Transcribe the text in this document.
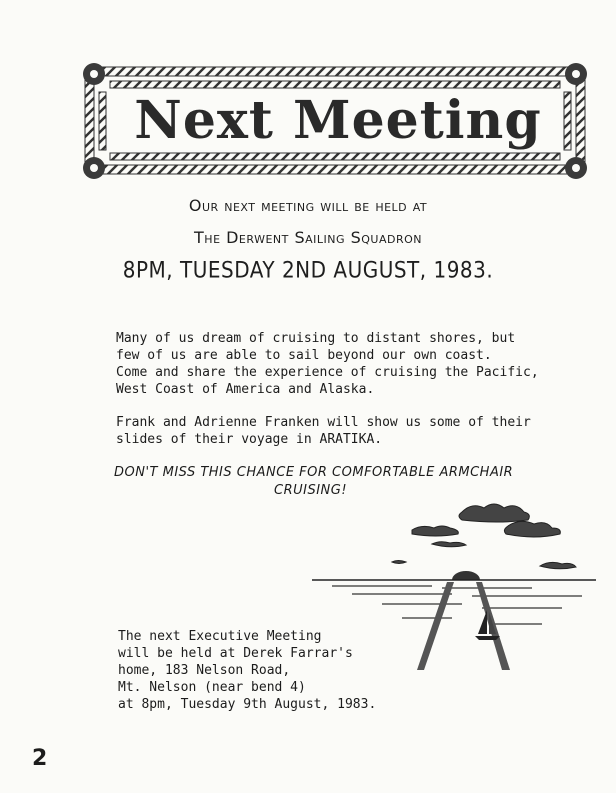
Next Meeting
Our next meeting will be held at
The Derwent Sailing Squadron
8PM, TUESDAY 2ND AUGUST, 1983.
Many of us dream of cruising to distant shores, but
few of us are able to sail beyond our own coast.
Come and share the experience of cruising the Pacific,
West Coast of America and Alaska.
Frank and Adrienne Franken will show us some of their
slides of their voyage in ARATIKA.
DON'T MISS THIS CHANCE FOR COMFORTABLE ARMCHAIR
CRUISING!
The next Executive Meeting
will be held at Derek Farrar's
home, 183 Nelson Road,
Mt. Nelson (near bend 4)
at 8pm, Tuesday 9th August, 1983.
2
